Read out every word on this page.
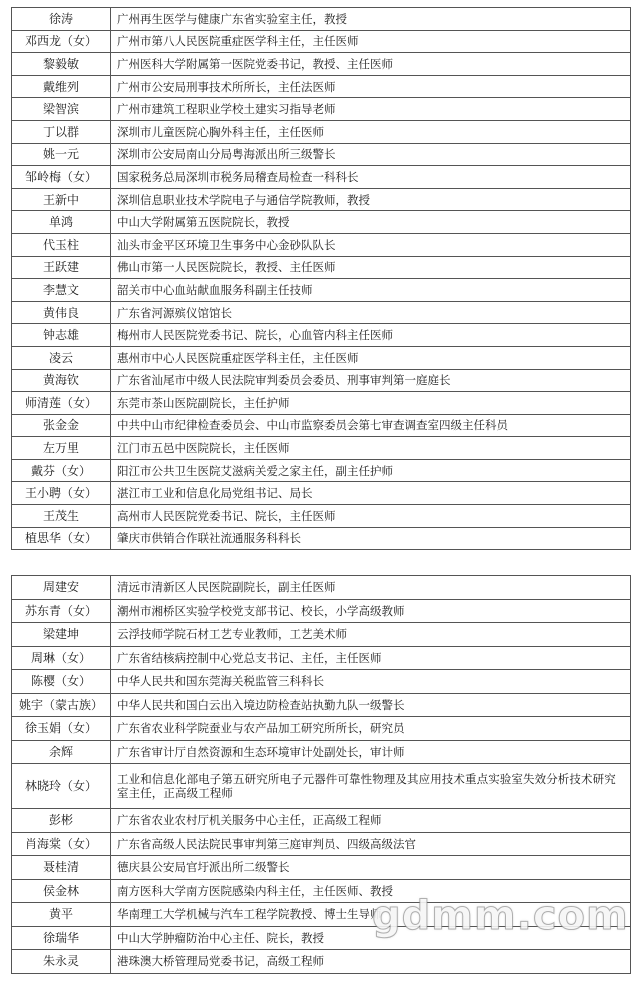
徐涛	广州再生医学与健康广东省实验室主任，教授
邓西龙（女）	广州市第八人民医院重症医学科主任，主任医师
黎毅敏	广州医科大学附属第一医院党委书记，教授、主任医师
戴维列	广州市公安局刑事技术所所长，主任法医师
梁智滨	广州市建筑工程职业学校土建实习指导老师
丁以群	深圳市儿童医院心胸外科主任，主任医师
姚一元	深圳市公安局南山分局粤海派出所三级警长
邹岭梅（女）	国家税务总局深圳市税务局稽查局检查一科科长
王新中	深圳信息职业技术学院电子与通信学院教师，教授
单鸿	中山大学附属第五医院院长，教授
代玉柱	汕头市金平区环境卫生事务中心金砂队队长
王跃建	佛山市第一人民医院院长，教授、主任医师
李慧文	韶关市中心血站献血服务科副主任技师
黄伟良	广东省河源殡仪馆馆长
钟志雄	梅州市人民医院党委书记、院长，心血管内科主任医师
凌云	惠州市中心人民医院重症医学科主任，主任医师
黄海钦	广东省汕尾市中级人民法院审判委员会委员、刑事审判第一庭庭长
师清莲（女）	东莞市茶山医院副院长，主任护师
张金金	中共中山市纪律检查委员会、中山市监察委员会第七审查调查室四级主任科员
左万里	江门市五邑中医院院长，主任医师
戴芬（女）	阳江市公共卫生医院艾滋病关爱之家主任，副主任护师
王小聘（女）	湛江市工业和信息化局党组书记、局长
王茂生	高州市人民医院党委书记、院长，主任医师
植思华（女）	肇庆市供销合作联社流通服务科科长
周建安	清远市清新区人民医院副院长，副主任医师
苏东青（女）	潮州市湘桥区实验学校党支部书记、校长，小学高级教师
梁建坤	云浮技师学院石材工艺专业教师，工艺美术师
周琳（女）	广东省结核病控制中心党总支书记、主任，主任医师
陈樱（女）	中华人民共和国东莞海关税监管三科科长
姚宇（蒙古族）	中华人民共和国白云出入境边防检查站执勤九队一级警长
徐玉娟（女）	广东省农业科学院蚕业与农产品加工研究所所长，研究员
余辉	广东省审计厅自然资源和生态环境审计处副处长，审计师
林晓玲（女）	工业和信息化部电子第五研究所电子元器件可靠性物理及其应用技术重点实验室失效分析技术研究室主任，正高级工程师
彭彬	广东省农业农村厅机关服务中心主任，正高级工程师
肖海棠（女）	广东省高级人民法院民事审判第三庭审判员、四级高级法官
聂桂清	德庆县公安局官圩派出所二级警长
侯金林	南方医科大学南方医院感染内科主任，主任医师、教授
黄平	华南理工大学机械与汽车工程学院教授、博士生导师
徐瑞华	中山大学肿瘤防治中心主任、院长，教授
朱永灵	港珠澳大桥管理局党委书记，高级工程师
gdmm.com
